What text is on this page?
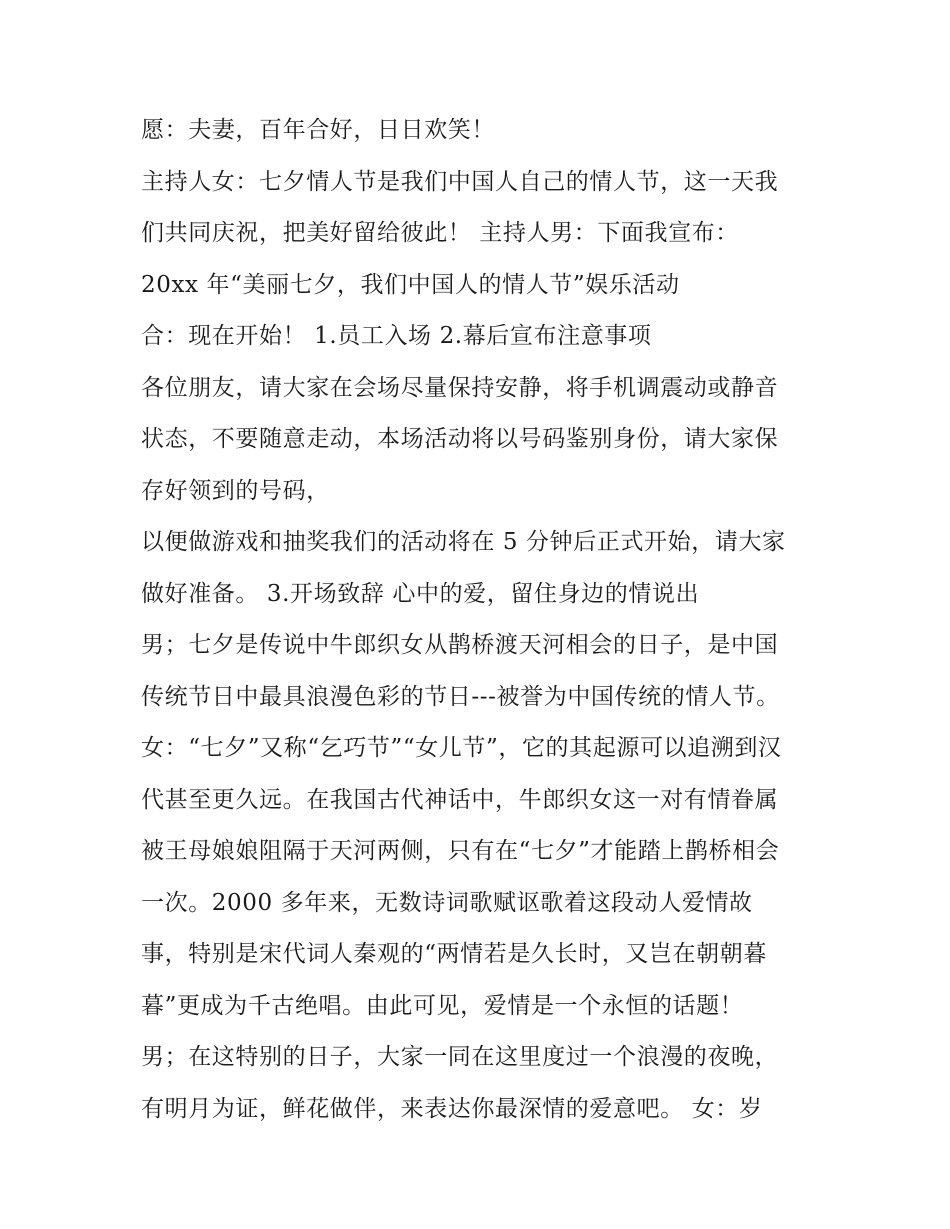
愿：夫妻，百年合好，日日欢笑！
主持人女：七夕情人节是我们中国人自己的情人节，这一天我
们共同庆祝，把美好留给彼此！ 主持人男：下面我宣布：
20xx 年“美丽七夕，我们中国人的情人节”娱乐活动
合：现在开始！ 1.员工入场 2.幕后宣布注意事项
各位朋友，请大家在会场尽量保持安静，将手机调震动或静音
状态，不要随意走动，本场活动将以号码鉴别身份，请大家保
存好领到的号码，
以便做游戏和抽奖我们的活动将在 5 分钟后正式开始，请大家
做好准备。 3.开场致辞 心中的爱，留住身边的情说出
男；七夕是传说中牛郎织女从鹊桥渡天河相会的日子，是中国
传统节日中最具浪漫色彩的节日---被誉为中国传统的情人节。
女：“七夕”又称“乞巧节”“女儿节”，它的其起源可以追溯到汉
代甚至更久远。在我国古代神话中，牛郎织女这一对有情眷属
被王母娘娘阻隔于天河两侧，只有在“七夕”才能踏上鹊桥相会
一次。2000 多年来，无数诗词歌赋讴歌着这段动人爱情故
事，特别是宋代词人秦观的“两情若是久长时，又岂在朝朝暮
暮”更成为千古绝唱。由此可见，爱情是一个永恒的话题！
男；在这特别的日子，大家一同在这里度过一个浪漫的夜晚，
有明月为证，鲜花做伴，来表达你最深情的爱意吧。 女：岁
